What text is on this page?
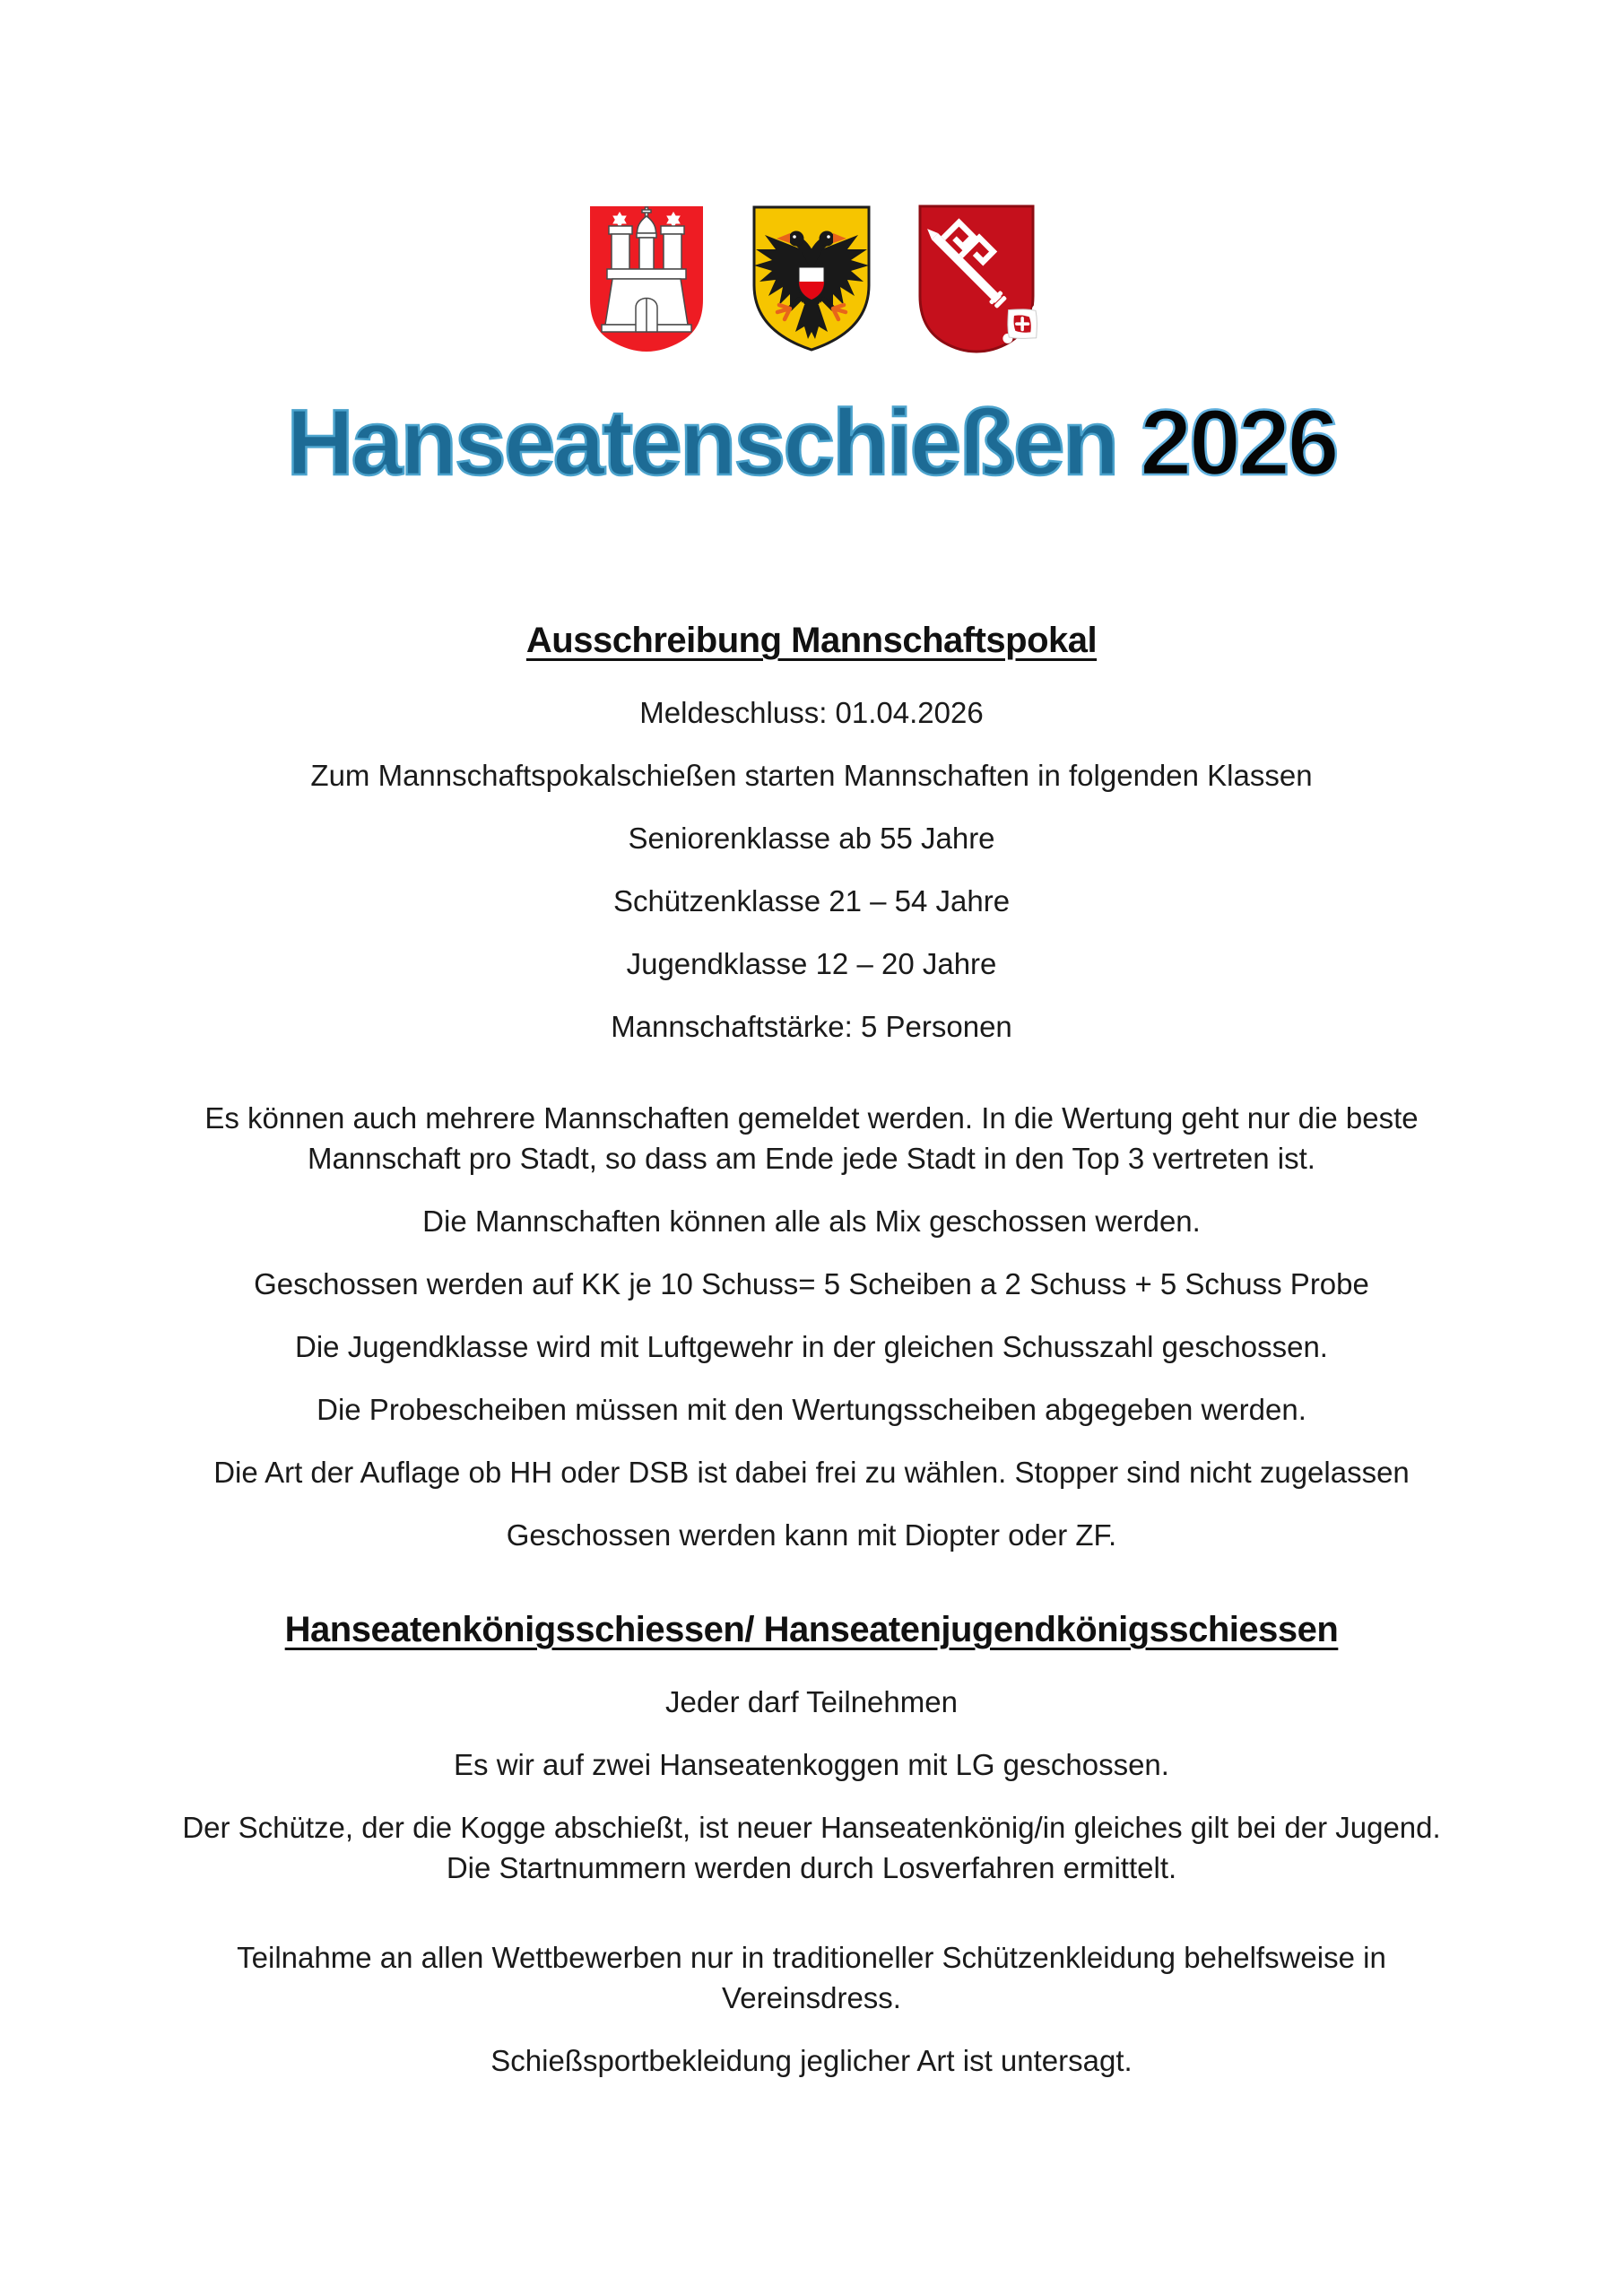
Hanseatenschießen 2026
Ausschreibung Mannschaftspokal

Meldeschluss: 01.04.2026

Zum Mannschaftspokalschießen starten Mannschaften in folgenden Klassen

Seniorenklasse ab 55 Jahre

Schützenklasse 21 – 54 Jahre

Jugendklasse 12 – 20 Jahre

Mannschaftstärke: 5 Personen

Es können auch mehrere Mannschaften gemeldet werden. In die Wertung geht nur die beste
Mannschaft pro Stadt, so dass am Ende jede Stadt in den Top 3 vertreten ist.

Die Mannschaften können alle als Mix geschossen werden.

Geschossen werden auf KK je 10 Schuss= 5 Scheiben a 2 Schuss + 5 Schuss Probe

Die Jugendklasse wird mit Luftgewehr in der gleichen Schusszahl geschossen.

Die Probescheiben müssen mit den Wertungsscheiben abgegeben werden.

Die Art der Auflage ob HH oder DSB ist dabei frei zu wählen. Stopper sind nicht zugelassen

Geschossen werden kann mit Diopter oder ZF.

Hanseatenkönigsschiessen/ Hanseatenjugendkönigsschiessen

Jeder darf Teilnehmen

Es wir auf zwei Hanseatenkoggen mit LG geschossen.

Der Schütze, der die Kogge abschießt, ist neuer Hanseatenkönig/in gleiches gilt bei der Jugend.
Die Startnummern werden durch Losverfahren ermittelt.

Teilnahme an allen Wettbewerben nur in traditioneller Schützenkleidung behelfsweise in
Vereinsdress.

Schießsportbekleidung jeglicher Art ist untersagt.
